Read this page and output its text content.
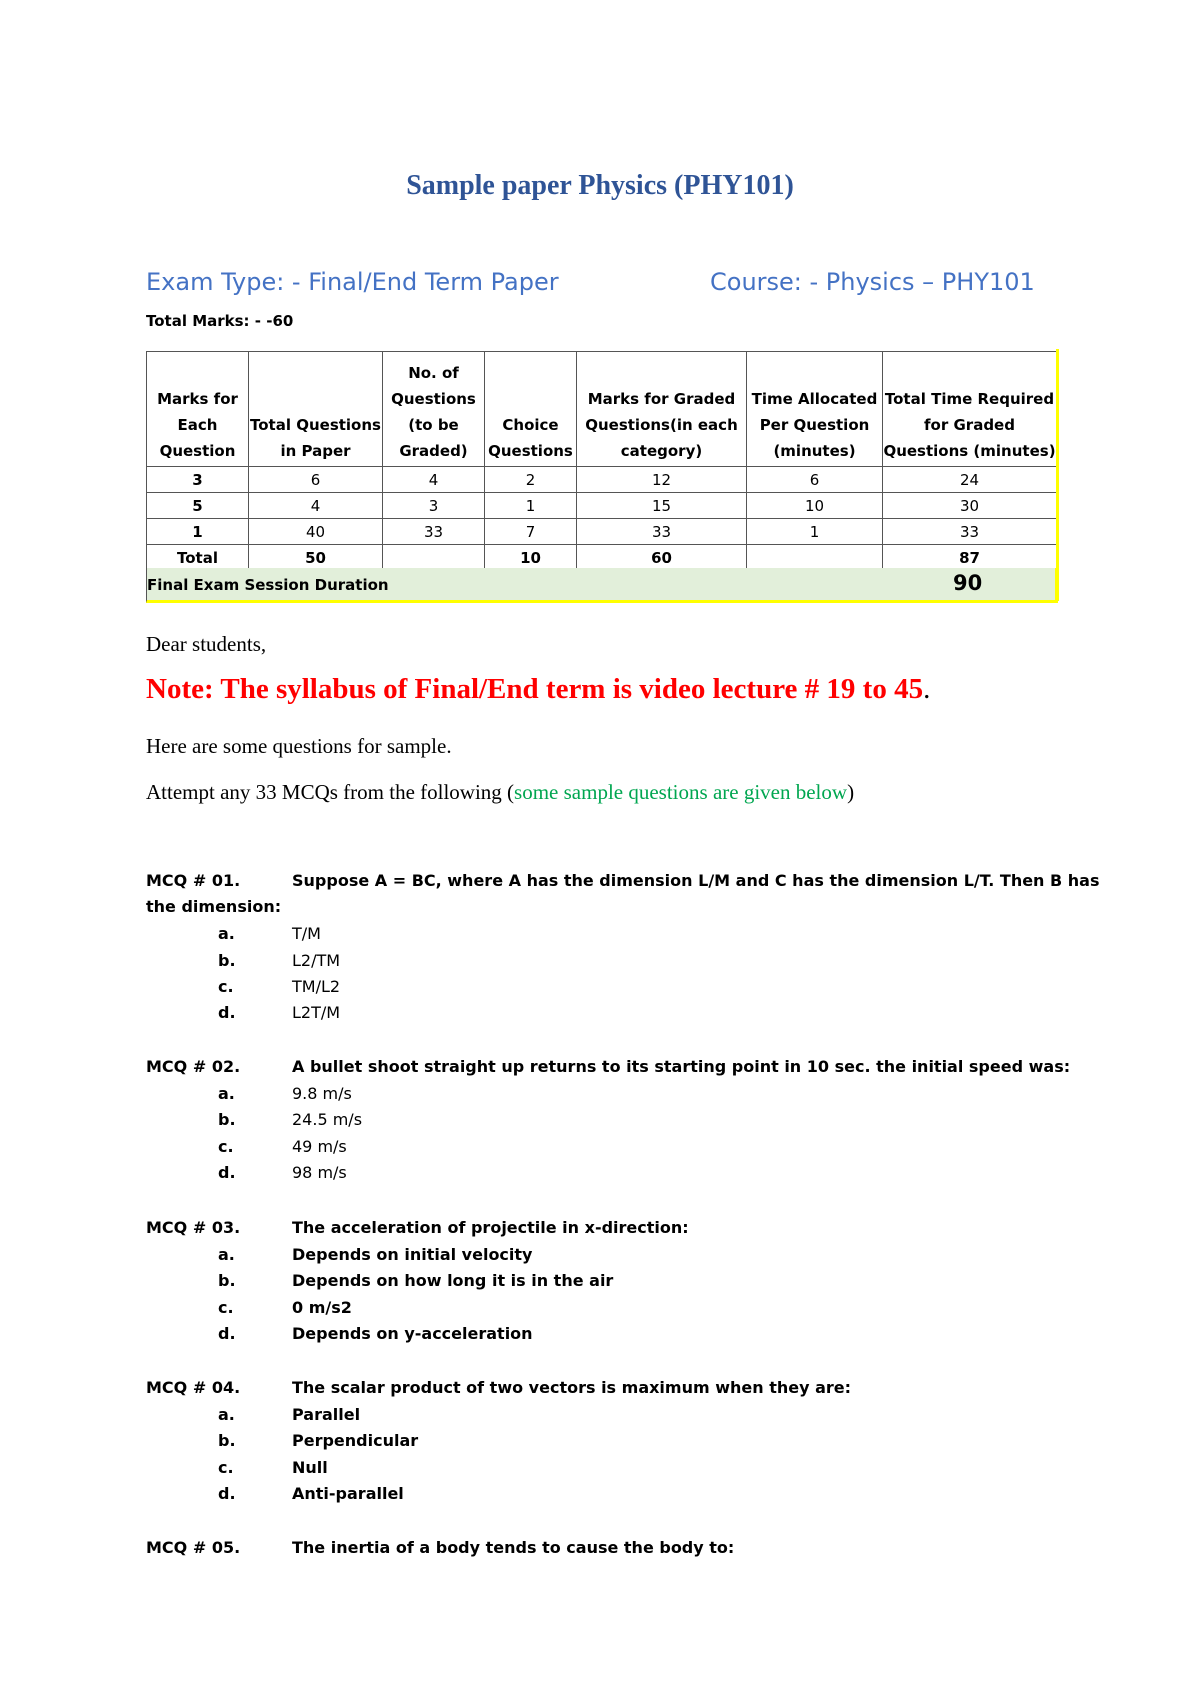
Sample paper Physics (PHY101)
Exam Type: - Final/End Term Paper	Course: - Physics – PHY101
Total Marks: - -60
Marks for Each Question	Total Questions in Paper	No. of Questions (to be Graded)	Choice Questions	Marks for Graded Questions(in each category)	Time Allocated Per Question (minutes)	Total Time Required for Graded Questions (minutes)
3	6	4	2	12	6	24
5	4	3	1	15	10	30
1	40	33	7	33	1	33
Total	50		10	60		87
Final Exam Session Duration	90
Dear students,
Note: The syllabus of Final/End term is video lecture # 19 to 45.
Here are some questions for sample.
Attempt any 33 MCQs from the following (some sample questions are given below)
MCQ # 01.	Suppose A = BC, where A has the dimension L/M and C has the dimension L/T. Then B has
the dimension:
a.	T/M
b.	L2/TM
c.	TM/L2
d.	L2T/M
MCQ # 02.	A bullet shoot straight up returns to its starting point in 10 sec. the initial speed was:
a.	9.8 m/s
b.	24.5 m/s
c.	49 m/s
d.	98 m/s
MCQ # 03.	The acceleration of projectile in x-direction:
a.	Depends on initial velocity
b.	Depends on how long it is in the air
c.	0 m/s2
d.	Depends on y-acceleration
MCQ # 04.	The scalar product of two vectors is maximum when they are:
a.	Parallel
b.	Perpendicular
c.	Null
d.	Anti-parallel
MCQ # 05.	The inertia of a body tends to cause the body to:
